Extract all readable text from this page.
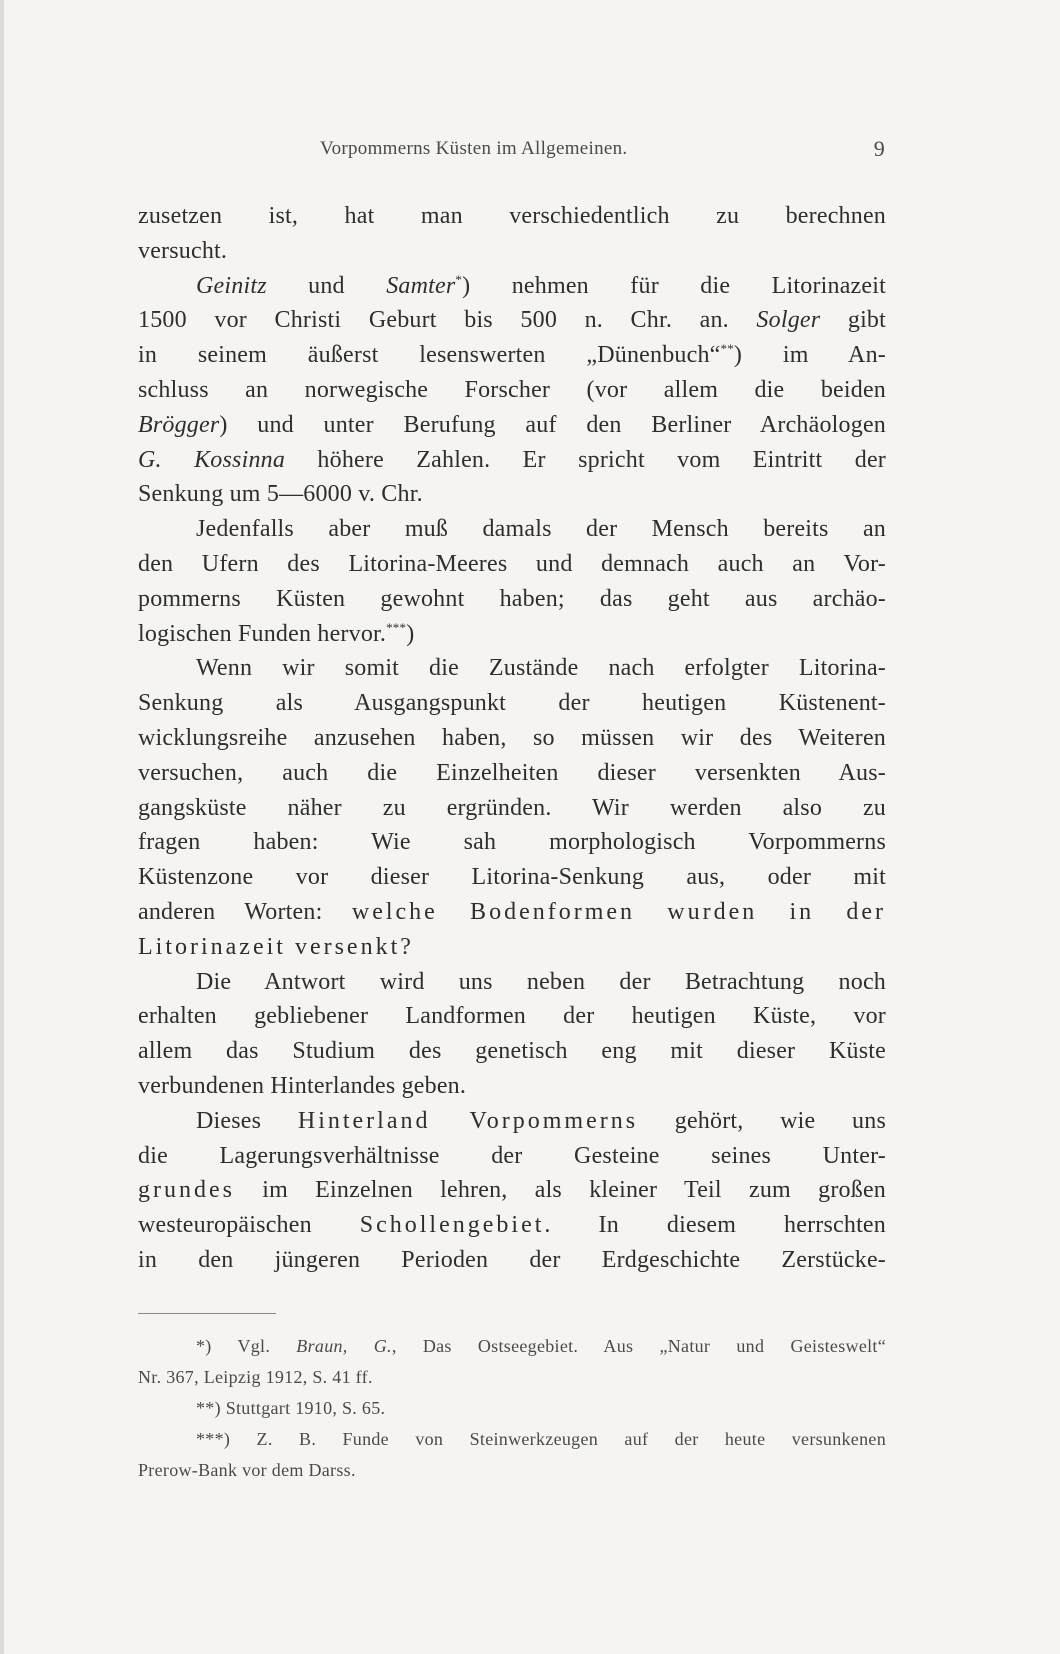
Vorpommerns Küsten im Allgemeinen.	9
zusetzen ist, hat man verschiedentlich zu berechnen
versucht.
Geinitz und Samter*) nehmen für die Litorinazeit
1500 vor Christi Geburt bis 500 n. Chr. an. Solger gibt
in seinem äußerst lesenswerten „Dünenbuch“**) im An-
schluss an norwegische Forscher (vor allem die beiden
Brögger) und unter Berufung auf den Berliner Archäologen
G. Kossinna höhere Zahlen. Er spricht vom Eintritt der
Senkung um 5—6000 v. Chr.
Jedenfalls aber muß damals der Mensch bereits an
den Ufern des Litorina-Meeres und demnach auch an Vor-
pommerns Küsten gewohnt haben; das geht aus archäo-
logischen Funden hervor.***)
Wenn wir somit die Zustände nach erfolgter Litorina-
Senkung als Ausgangspunkt der heutigen Küstenent-
wicklungsreihe anzusehen haben, so müssen wir des Weiteren
versuchen, auch die Einzelheiten dieser versenkten Aus-
gangsküste näher zu ergründen. Wir werden also zu
fragen haben: Wie sah morphologisch Vorpommerns
Küstenzone vor dieser Litorina-Senkung aus, oder mit
anderen Worten: welche Bodenformen wurden in der
Litorinazeit versenkt?
Die Antwort wird uns neben der Betrachtung noch
erhalten gebliebener Landformen der heutigen Küste, vor
allem das Studium des genetisch eng mit dieser Küste
verbundenen Hinterlandes geben.
Dieses Hinterland Vorpommerns gehört, wie uns
die Lagerungsverhältnisse der Gesteine seines Unter-
grundes im Einzelnen lehren, als kleiner Teil zum großen
westeuropäischen Schollengebiet. In diesem herrschten
in den jüngeren Perioden der Erdgeschichte Zerstücke-
*) Vgl. Braun, G., Das Ostseegebiet. Aus „Natur und Geisteswelt“
Nr. 367, Leipzig 1912, S. 41 ff.
**) Stuttgart 1910, S. 65.
***) Z. B. Funde von Steinwerkzeugen auf der heute versunkenen
Prerow-Bank vor dem Darss.
